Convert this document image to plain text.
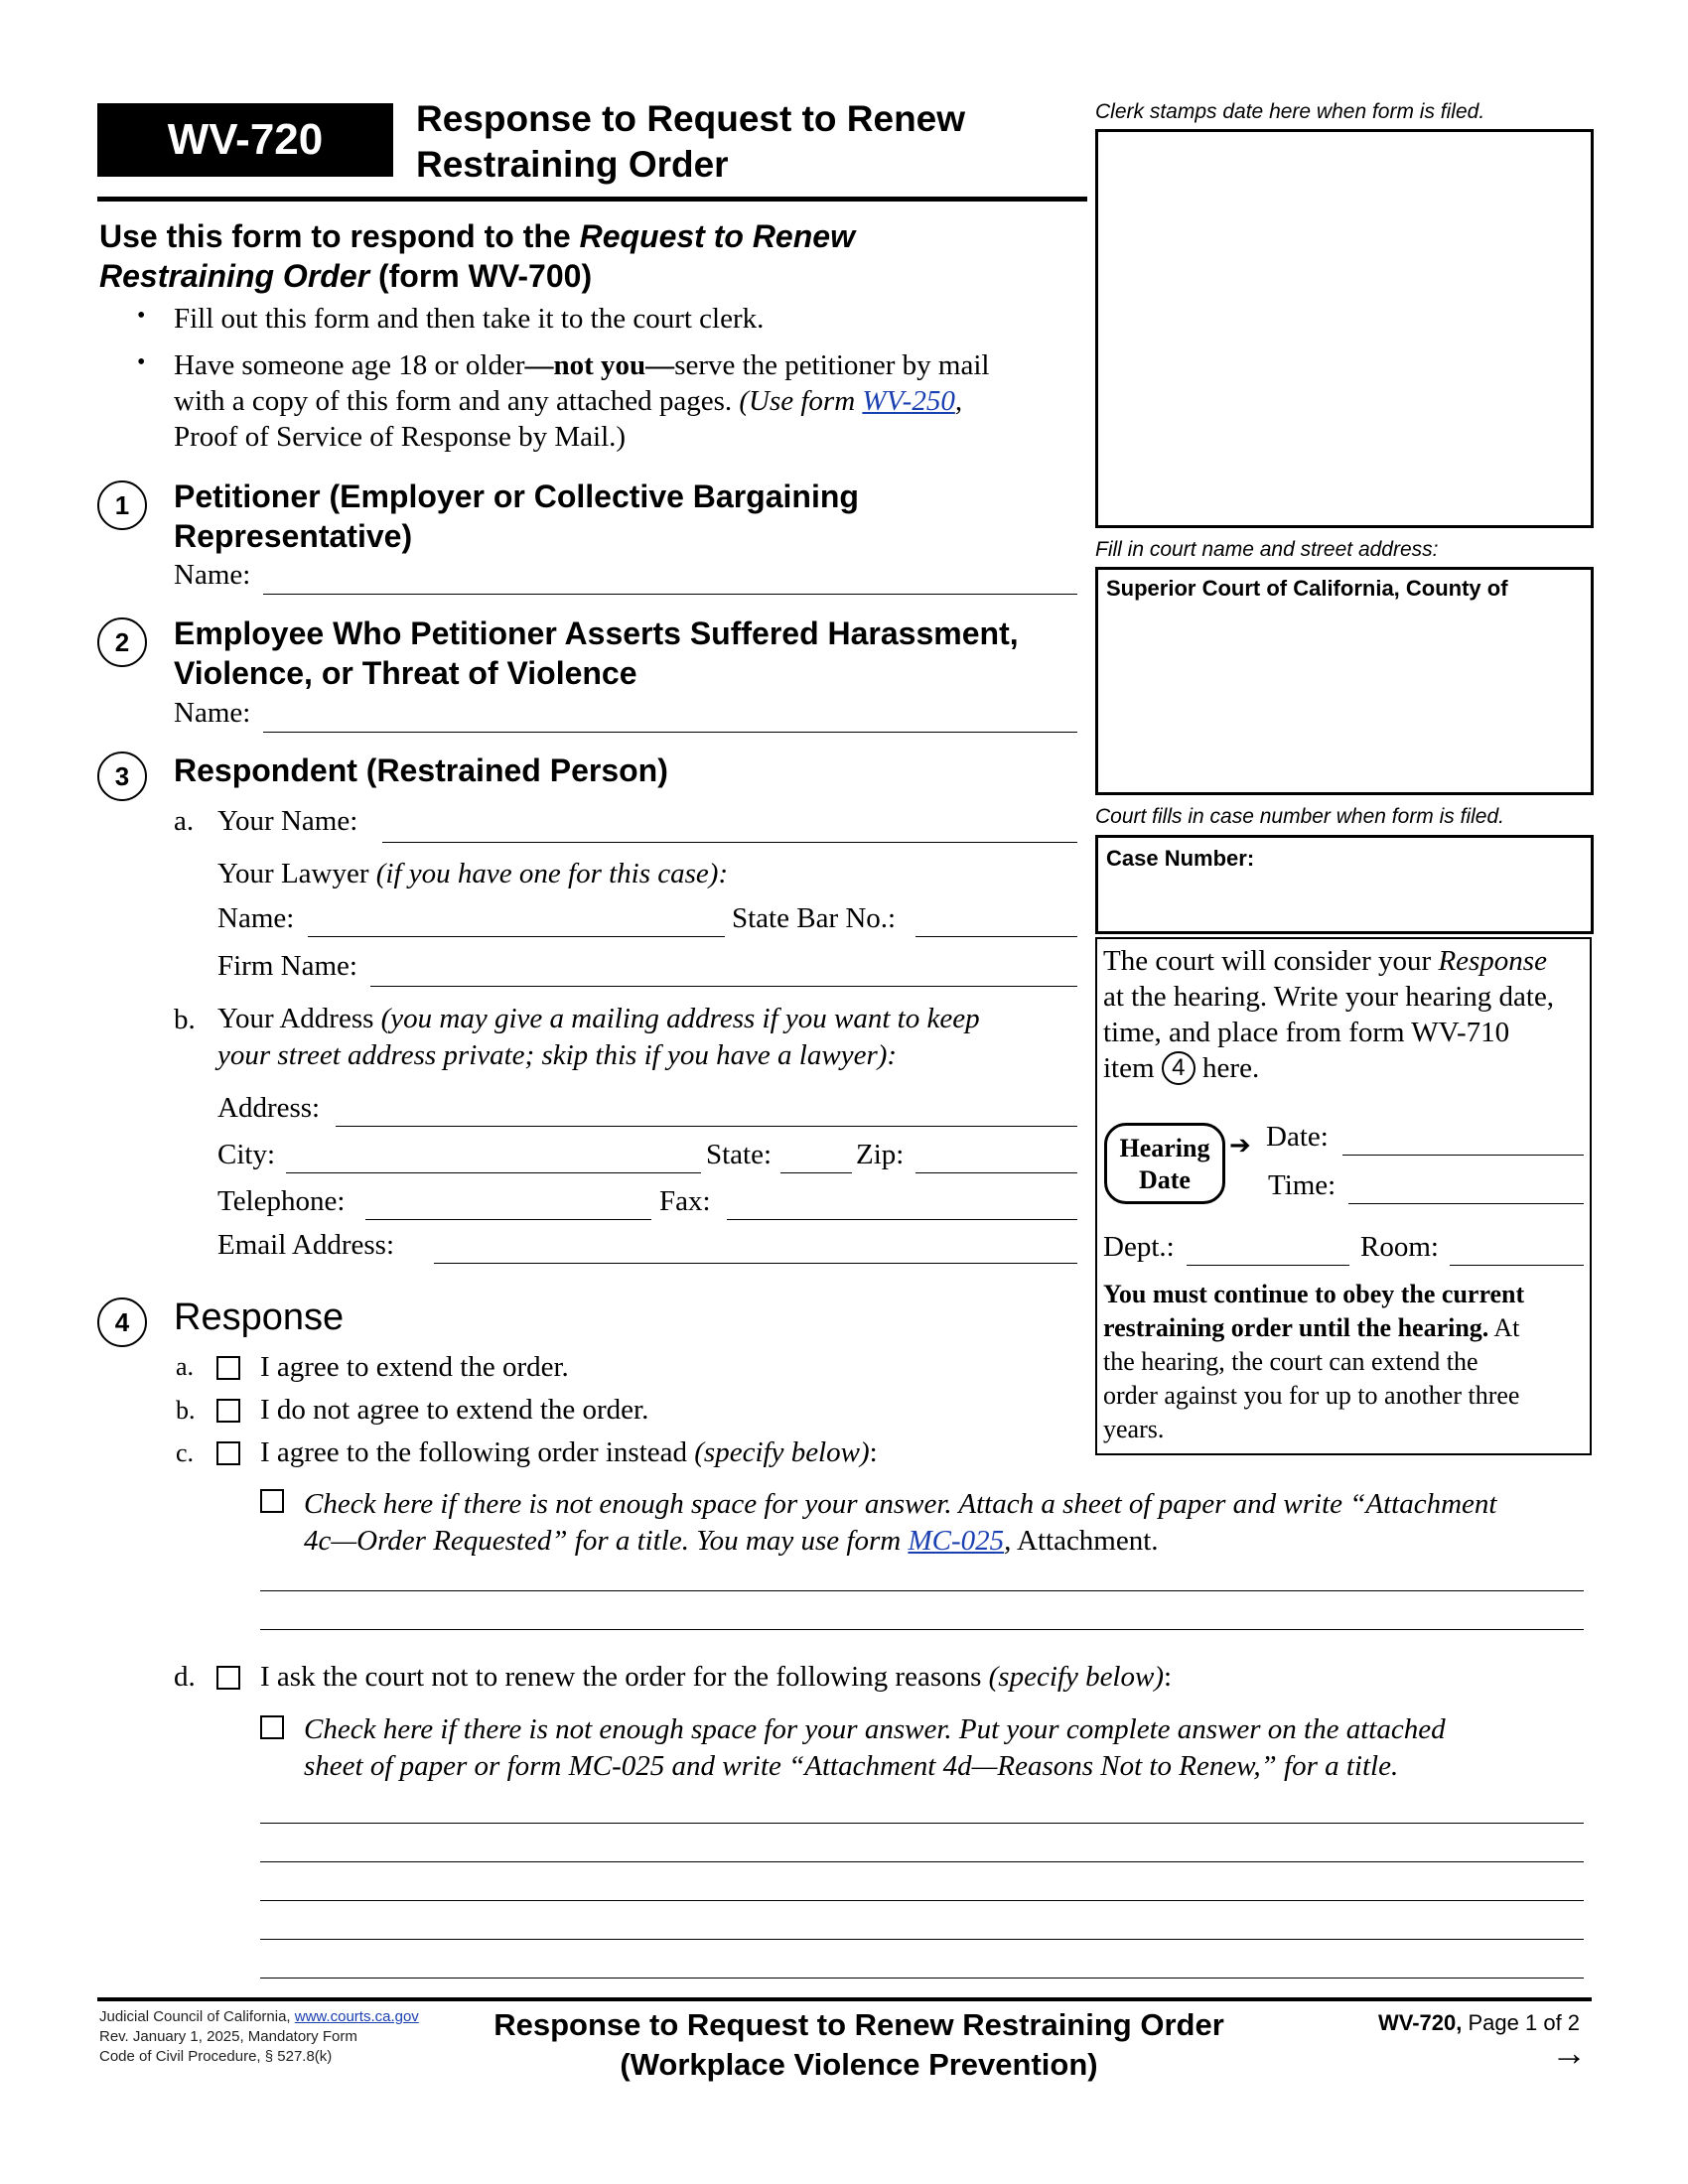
WV-720	Response to Request to Renew
Restraining Order
Clerk stamps date here when form is filed.
Fill in court name and street address:
Superior Court of California, County of
Court fills in case number when form is filed.
Case Number:
The court will consider your Response
at the hearing. Write your hearing date,
time, and place from form WV-710
item 4 here.
Hearing
Date
➔ Date:
Time:
Dept.:	Room:
You must continue to obey the current
restraining order until the hearing. At
the hearing, the court can extend the
order against you for up to another three
years.
Use this form to respond to the Request to Renew Restraining Order (form WV-700)
• Fill out this form and then take it to the court clerk.
• Have someone age 18 or older—not you—serve the petitioner by mail
with a copy of this form and any attached pages. (Use form WV-250,
Proof of Service of Response by Mail.)
1	Petitioner (Employer or Collective Bargaining
Representative)
Name:
2	Employee Who Petitioner Asserts Suffered Harassment,
Violence, or Threat of Violence
Name:
3	Respondent (Restrained Person)
a. Your Name:
Your Lawyer (if you have one for this case):
Name:	State Bar No.:
Firm Name:
b. Your Address (you may give a mailing address if you want to keep
your street address private; skip this if you have a lawyer):
Address:
City:	State:	Zip:
Telephone:	Fax:
Email Address:
4	Response
a. I agree to extend the order.
b. I do not agree to extend the order.
c. I agree to the following order instead (specify below):
Check here if there is not enough space for your answer. Attach a sheet of paper and write “Attachment
4c—Order Requested” for a title. You may use form MC-025, Attachment.
d. I ask the court not to renew the order for the following reasons (specify below):
Check here if there is not enough space for your answer. Put your complete answer on the attached
sheet of paper or form MC-025 and write “Attachment 4d—Reasons Not to Renew,” for a title.
Judicial Council of California, www.courts.ca.gov
Rev. January 1, 2025, Mandatory Form
Code of Civil Procedure, § 527.8(k)
Response to Request to Renew Restraining Order
(Workplace Violence Prevention)
WV-720, Page 1 of 2
→
